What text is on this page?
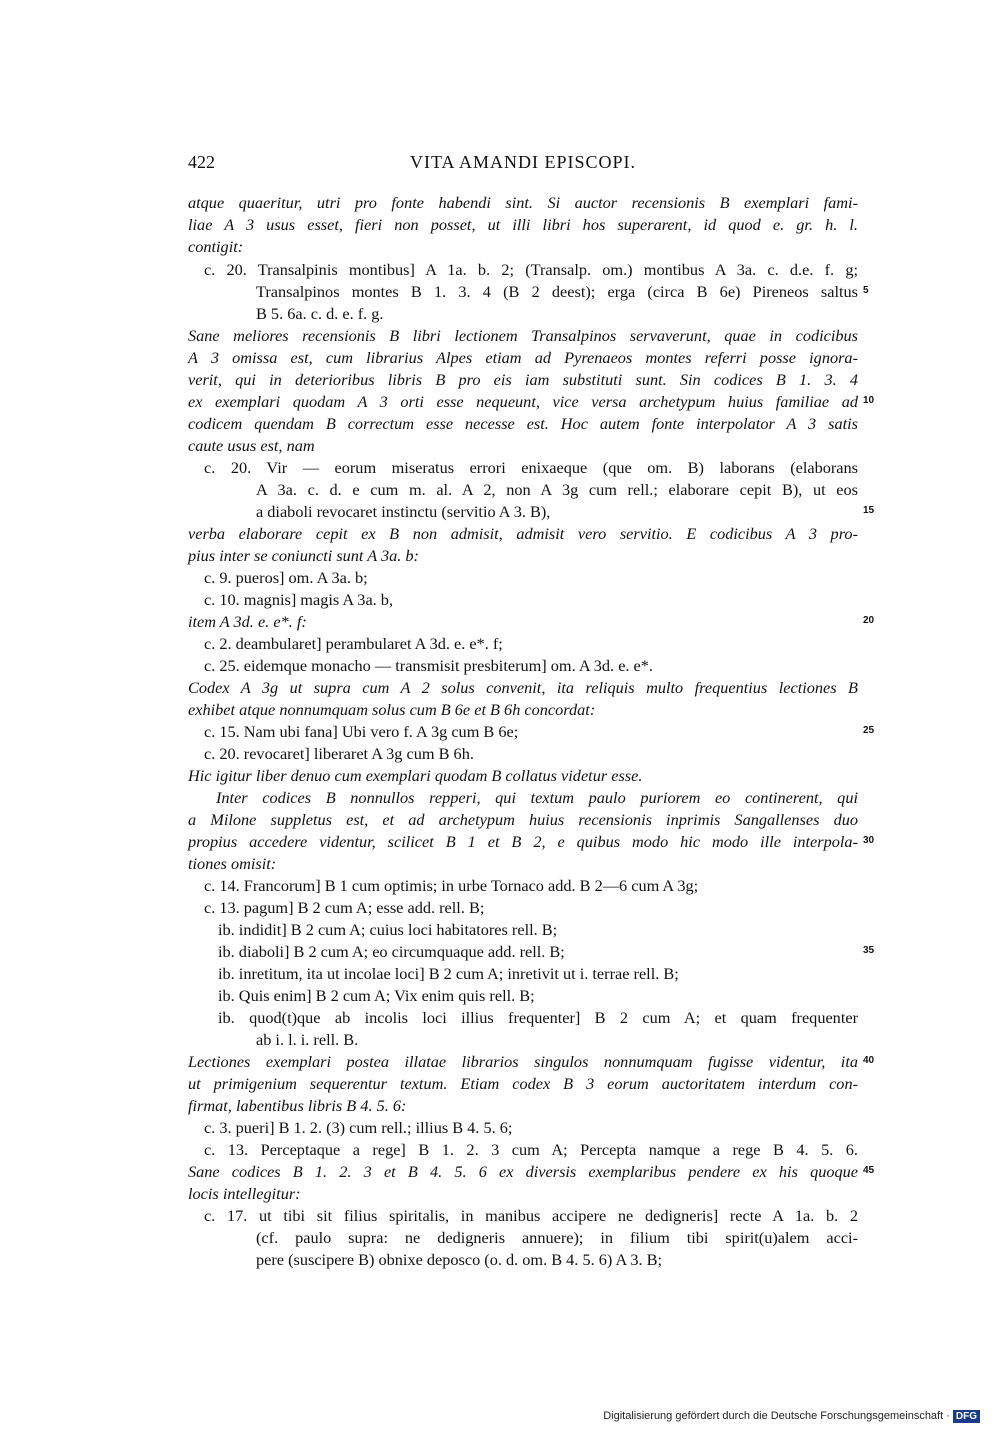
422	VITA AMANDI EPISCOPI.
atque quaeritur, utri pro fonte habendi sint. Si auctor recensionis B exemplari fami-
liae A 3 usus esset, fieri non posset, ut illi libri hos superarent, id quod e. gr. h. l.
contigit:
c. 20. Transalpinis montibus] A 1a. b. 2; (Transalp. om.) montibus A 3a. c. d.e. f. g;
Transalpinos montes B 1. 3. 4 (B 2 deest); erga (circa B 6e) Pireneos saltus
B 5. 6a. c. d. e. f. g.
Sane meliores recensionis B libri lectionem Transalpinos servaverunt, quae in codicibus
A 3 omissa est, cum librarius Alpes etiam ad Pyrenaeos montes referri posse ignora-
verit, qui in deterioribus libris B pro eis iam substituti sunt. Sin codices B 1. 3. 4
ex exemplari quodam A 3 orti esse nequeunt, vice versa archetypum huius familiae ad
codicem quendam B correctum esse necesse est. Hoc autem fonte interpolator A 3 satis
caute usus est, nam
c. 20. Vir — eorum miseratus errori enixaeque (que om. B) laborans (elaborans
A 3a. c. d. e cum m. al. A 2, non A 3g cum rell.; elaborare cepit B), ut eos
a diaboli revocaret instinctu (servitio A 3. B),
verba elaborare cepit ex B non admisit, admisit vero servitio. E codicibus A 3 pro-
pius inter se coniuncti sunt A 3a. b:
c. 9. pueros] om. A 3a. b;
c. 10. magnis] magis A 3a. b,
item A 3d. e. e*. f:
c. 2. deambularet] perambularet A 3d. e. e*. f;
c. 25. eidemque monacho — transmisit presbiterum] om. A 3d. e. e*.
Codex A 3g ut supra cum A 2 solus convenit, ita reliquis multo frequentius lectiones B
exhibet atque nonnumquam solus cum B 6e et B 6h concordat:
c. 15. Nam ubi fana] Ubi vero f. A 3g cum B 6e;
c. 20. revocaret] liberaret A 3g cum B 6h.
Hic igitur liber denuo cum exemplari quodam B collatus videtur esse.
Inter codices B nonnullos repperi, qui textum paulo puriorem eo continerent, qui
a Milone suppletus est, et ad archetypum huius recensionis inprimis Sangallenses duo
propius accedere videntur, scilicet B 1 et B 2, e quibus modo hic modo ille interpola-
tiones omisit:
c. 14. Francorum] B 1 cum optimis; in urbe Tornaco add. B 2—6 cum A 3g;
c. 13. pagum] B 2 cum A; esse add. rell. B;
ib. indidit] B 2 cum A; cuius loci habitatores rell. B;
ib. diaboli] B 2 cum A; eo circumquaque add. rell. B;
ib. inretitum, ita ut incolae loci] B 2 cum A; inretivit ut i. terrae rell. B;
ib. Quis enim] B 2 cum A; Vix enim quis rell. B;
ib. quod(t)que ab incolis loci illius frequenter] B 2 cum A; et quam frequenter
ab i. l. i. rell. B.
Lectiones exemplari postea illatae librarios singulos nonnumquam fugisse videntur, ita
ut primigenium sequerentur textum. Etiam codex B 3 eorum auctoritatem interdum con-
firmat, labentibus libris B 4. 5. 6:
c. 3. pueri] B 1. 2. (3) cum rell.; illius B 4. 5. 6;
c. 13. Perceptaque a rege] B 1. 2. 3 cum A; Percepta namque a rege B 4. 5. 6.
Sane codices B 1. 2. 3 et B 4. 5. 6 ex diversis exemplaribus pendere ex his quoque
locis intellegitur:
c. 17. ut tibi sit filius spiritalis, in manibus accipere ne dedigneris] recte A 1a. b. 2
(cf. paulo supra: ne dedigneris annuere); in filium tibi spirit(u)alem acci-
pere (suscipere B) obnixe deposco (o. d. om. B 4. 5. 6) A 3. B;
5
10
15
20
25
30
35
40
45
Digitalisierung gefördert durch die Deutsche Forschungsgemeinschaft · DFG
